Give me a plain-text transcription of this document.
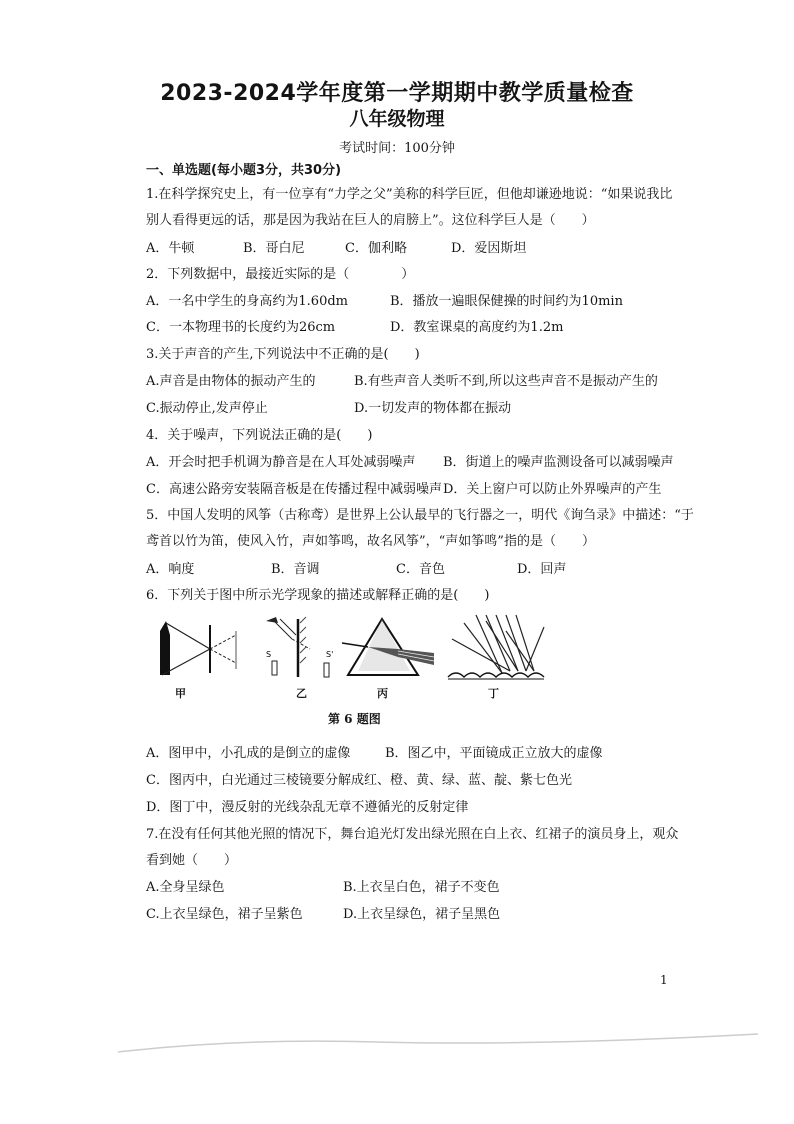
2023-2024学年度第一学期期中教学质量检查
八年级物理
考试时间：100分钟
一、单选题(每小题3分，共30分)
1.在科学探究史上，有一位享有“力学之父”美称的科学巨匠，但他却谦逊地说：“如果说我比
别人看得更远的话，那是因为我站在巨人的肩膀上”。这位科学巨人是（　　）
A．牛顿	B．哥白尼	C．伽利略	D．爱因斯坦
2．下列数据中，最接近实际的是（　　　　）
A．一名中学生的身高约为1.60dm	B．播放一遍眼保健操的时间约为10min
C．一本物理书的长度约为26cm	D．教室课桌的高度约为1.2m
3.关于声音的产生,下列说法中不正确的是(　　)
A.声音是由物体的振动产生的	B.有些声音人类听不到,所以这些声音不是振动产生的
C.振动停止,发声停止	D.一切发声的物体都在振动
4．关于噪声，下列说法正确的是(　　)
A．开会时把手机调为静音是在人耳处减弱噪声 B．街道上的噪声监测设备可以减弱噪声
C．高速公路旁安装隔音板是在传播过程中减弱噪声 D．关上窗户可以防止外界噪声的产生
5．中国人发明的风筝（古称鸢）是世界上公认最早的飞行器之一，明代《询刍录》中描述：“于
鸢首以竹为笛，使风入竹，声如筝鸣，故名风筝”，“声如筝鸣”指的是（　　）
A．响度	B．音调	C．音色	D．回声
6．下列关于图中所示光学现象的描述或解释正确的是(　　)
甲
S	S'
乙	丙	丁
第 6 题图
A．图甲中，小孔成的是倒立的虚像	B．图乙中，平面镜成正立放大的虚像
C．图丙中，白光通过三棱镜要分解成红、橙、黄、绿、蓝、靛、紫七色光
D．图丁中，漫反射的光线杂乱无章不遵循光的反射定律
7.在没有任何其他光照的情况下，舞台追光灯发出绿光照在白上衣、红裙子的演员身上，观众
看到她（　　）
A.全身呈绿色	B.上衣呈白色，裙子不变色
C.上衣呈绿色，裙子呈紫色	D.上衣呈绿色，裙子呈黑色
1
